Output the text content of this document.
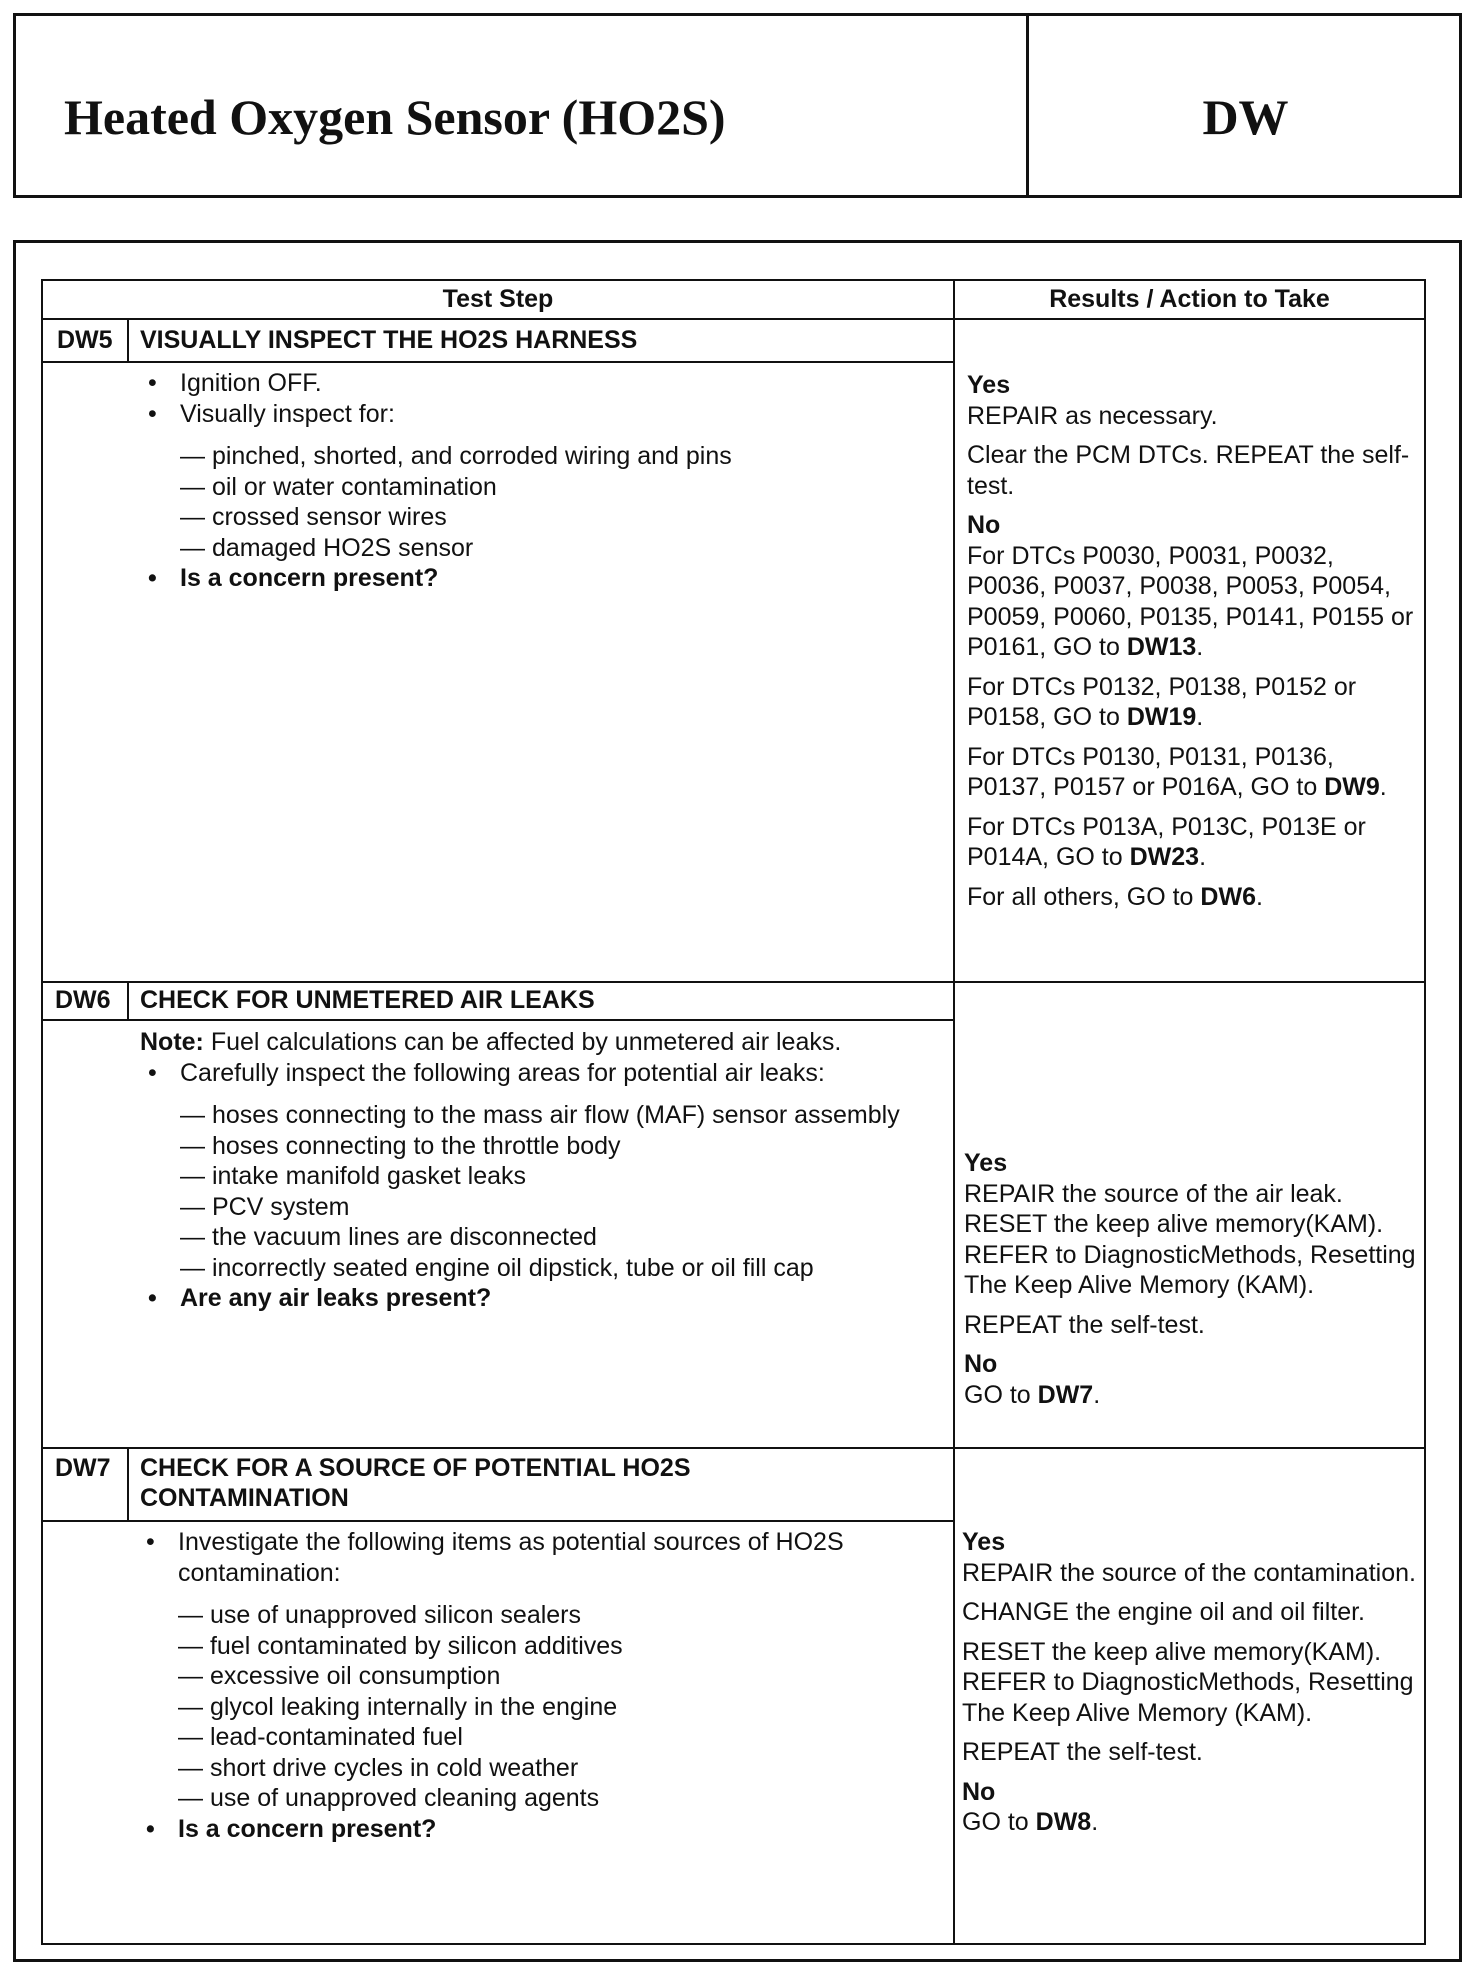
Heated Oxygen Sensor (HO2S)	DW
Test Step	Results / Action to Take
DW5 VISUALLY INSPECT THE HO2S HARNESS

• Ignition OFF.

• Visually inspect for:

— pinched, shorted, and corroded wiring and pins

— oil or water contamination

— crossed sensor wires

— damaged HO2S sensor

• Is a concern present?

Yes

REPAIR as necessary.

Clear the PCM DTCs. REPEAT the self-test.

No

For DTCs P0030, P0031, P0032, P0036, P0037, P0038, P0053, P0054, P0059, P0060, P0135, P0141, P0155 or P0161, GO to DW13.

For DTCs P0132, P0138, P0152 or P0158, GO to DW19.

For DTCs P0130, P0131, P0136, P0137, P0157 or P016A, GO to DW9.

For DTCs P013A, P013C, P013E or P014A, GO to DW23.

For all others, GO to DW6.

DW6 CHECK FOR UNMETERED AIR LEAKS

Note: Fuel calculations can be affected by unmetered air leaks.

• Carefully inspect the following areas for potential air leaks:

— hoses connecting to the mass air flow (MAF) sensor assembly

— hoses connecting to the throttle body

— intake manifold gasket leaks

— PCV system

— the vacuum lines are disconnected

— incorrectly seated engine oil dipstick, tube or oil fill cap

• Are any air leaks present?

Yes

REPAIR the source of the air leak. RESET the keep alive memory(KAM). REFER to DiagnosticMethods, Resetting The Keep Alive Memory (KAM).

REPEAT the self-test.

No

GO to DW7.

DW7 CHECK FOR A SOURCE OF POTENTIAL HO2S CONTAMINATION

• Investigate the following items as potential sources of HO2S contamination:

— use of unapproved silicon sealers

— fuel contaminated by silicon additives

— excessive oil consumption

— glycol leaking internally in the engine

— lead-contaminated fuel

— short drive cycles in cold weather

— use of unapproved cleaning agents

• Is a concern present?

Yes

REPAIR the source of the contamination.

CHANGE the engine oil and oil filter.

RESET the keep alive memory(KAM). REFER to DiagnosticMethods, Resetting The Keep Alive Memory (KAM).

REPEAT the self-test.

No

GO to DW8.
